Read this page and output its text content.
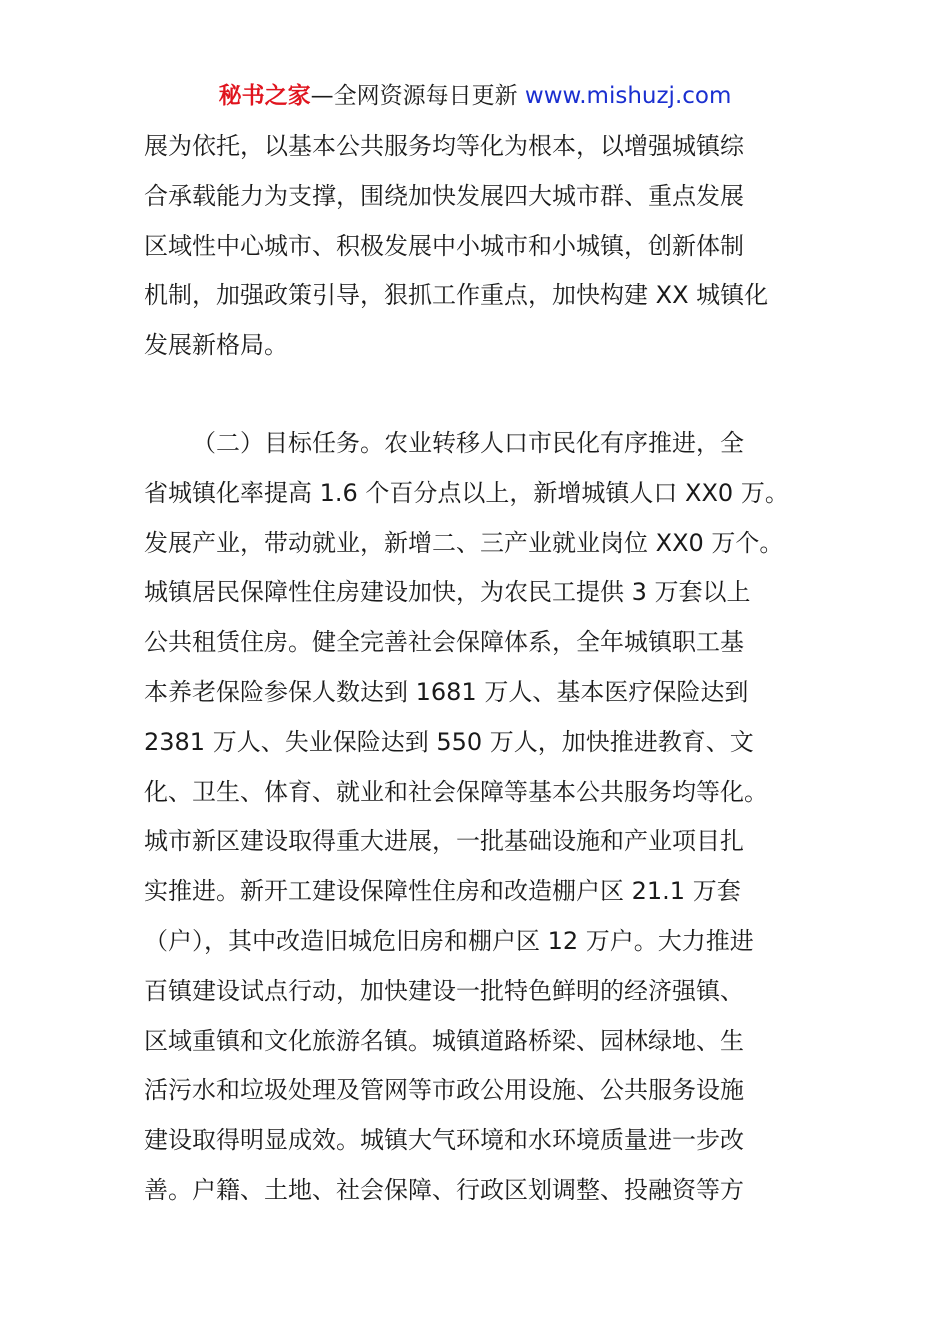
秘书之家—全网资源每日更新 www.mishuzj.com
展为依托，以基本公共服务均等化为根本，以增强城镇综
合承载能力为支撑，围绕加快发展四大城市群、重点发展
区域性中心城市、积极发展中小城市和小城镇，创新体制
机制，加强政策引导，狠抓工作重点，加快构建 XX 城镇化
发展新格局。
（二）目标任务。农业转移人口市民化有序推进，全
省城镇化率提高 1.6 个百分点以上，新增城镇人口 XX0 万。
发展产业，带动就业，新增二、三产业就业岗位 XX0 万个。
城镇居民保障性住房建设加快，为农民工提供 3 万套以上
公共租赁住房。健全完善社会保障体系，全年城镇职工基
本养老保险参保人数达到 1681 万人、基本医疗保险达到
2381 万人、失业保险达到 550 万人，加快推进教育、文
化、卫生、体育、就业和社会保障等基本公共服务均等化。
城市新区建设取得重大进展，一批基础设施和产业项目扎
实推进。新开工建设保障性住房和改造棚户区 21.1 万套
（户），其中改造旧城危旧房和棚户区 12 万户。大力推进
百镇建设试点行动，加快建设一批特色鲜明的经济强镇、
区域重镇和文化旅游名镇。城镇道路桥梁、园林绿地、生
活污水和垃圾处理及管网等市政公用设施、公共服务设施
建设取得明显成效。城镇大气环境和水环境质量进一步改
善。户籍、土地、社会保障、行政区划调整、投融资等方
